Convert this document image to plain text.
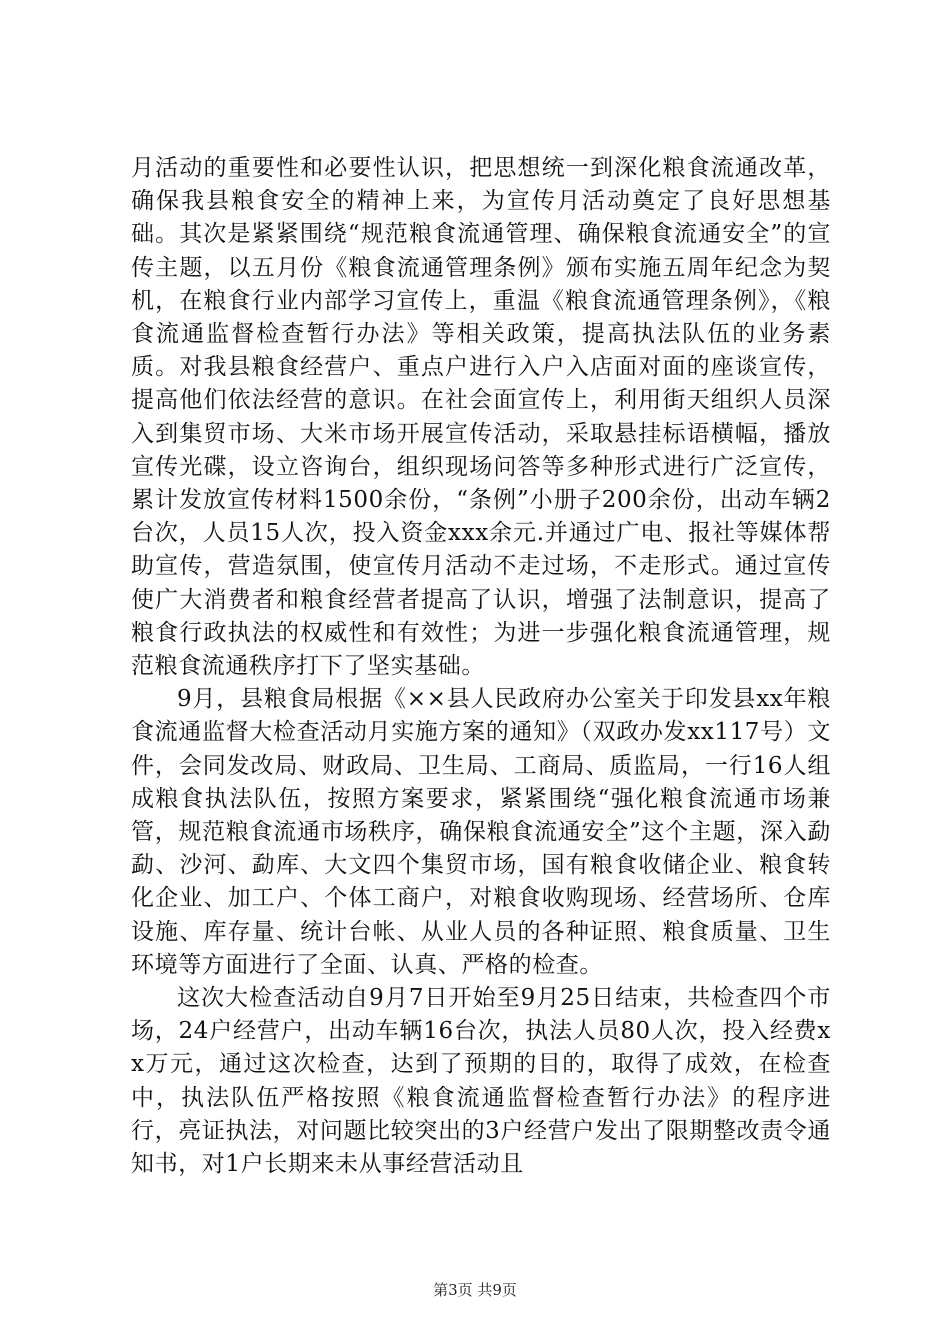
月活动的重要性和必要性认识，把思想统一到深化粮食流通改革，确保我县粮食安全的精神上来，为宣传月活动奠定了良好思想基础。其次是紧紧围绕“规范粮食流通管理、确保粮食流通安全”的宣传主题，以五月份《粮食流通管理条例》颁布实施五周年纪念为契机，在粮食行业内部学习宣传上，重温《粮食流通管理条例》，《粮食流通监督检查暂行办法》等相关政策，提高执法队伍的业务素质。对我县粮食经营户、重点户进行入户入店面对面的座谈宣传，提高他们依法经营的意识。在社会面宣传上，利用街天组织人员深入到集贸市场、大米市场开展宣传活动，采取悬挂标语横幅，播放宣传光碟，设立咨询台，组织现场问答等多种形式进行广泛宣传，累计发放宣传材料1500余份，“条例”小册子200余份，出动车辆2台次，人员15人次，投入资金xxx余元.并通过广电、报社等媒体帮助宣传，营造氛围，使宣传月活动不走过场，不走形式。通过宣传使广大消费者和粮食经营者提高了认识，增强了法制意识，提高了粮食行政执法的权威性和有效性；为进一步强化粮食流通管理，规范粮食流通秩序打下了坚实基础。

9月，县粮食局根据《××县人民政府办公室关于印发县xx年粮食流通监督大检查活动月实施方案的通知》（双政办发xx117号）文件，会同发改局、财政局、卫生局、工商局、质监局，一行16人组成粮食执法队伍，按照方案要求，紧紧围绕“强化粮食流通市场兼管，规范粮食流通市场秩序，确保粮食流通安全”这个主题，深入勐勐、沙河、勐库、大文四个集贸市场，国有粮食收储企业、粮食转化企业、加工户、个体工商户，对粮食收购现场、经营场所、仓库设施、库存量、统计台帐、从业人员的各种证照、粮食质量、卫生环境等方面进行了全面、认真、严格的检查。

这次大检查活动自9月7日开始至9月25日结束，共检查四个市场，24户经营户，出动车辆16台次，执法人员80人次，投入经费xx万元，通过这次检查，达到了预期的目的，取得了成效，在检查中，执法队伍严格按照《粮食流通监督检查暂行办法》的程序进行，亮证执法，对问题比较突出的3户经营户发出了限期整改责令通知书，对1户长期来未从事经营活动且

第3页 共9页
